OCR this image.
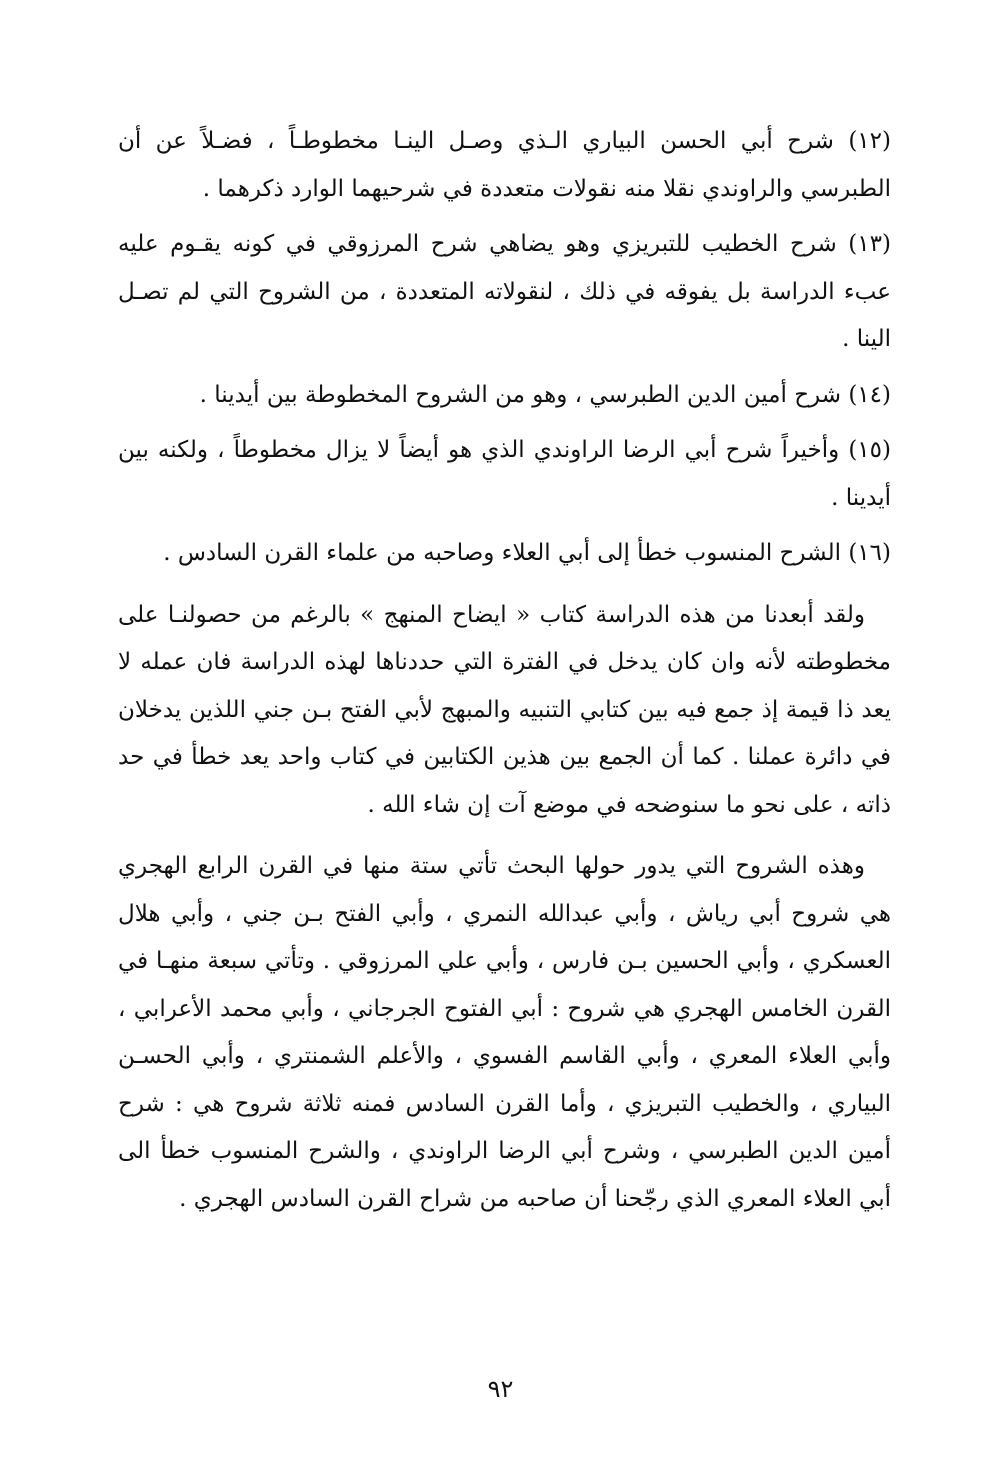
(١٢) شرح أبي الحسن البياري الـذي وصـل الينـا مخطوطـاً ، فضـلاً عن أن الطبرسي والراوندي نقلا منه نقولات متعددة في شرحيهما الوارد ذكرهما .

(١٣) شرح الخطيب للتبريزي وهو يضاهي شرح المرزوقي في كونه يقـوم عليه عبء الدراسة بل يفوقه في ذلك ، لنقولاته المتعددة ، من الشروح التي لم تصـل الينا .

(١٤) شرح أمين الدين الطبرسي ، وهو من الشروح المخطوطة بين أيدينا .

(١٥) وأخيراً شرح أبي الرضا الراوندي الذي هو أيضاً لا يزال مخطوطاً ، ولكنه بين أيدينا .

(١٦) الشرح المنسوب خطأ إلى أبي العلاء وصاحبه من علماء القرن السادس .

ولقد أبعدنا من هذه الدراسة كتاب « ايضاح المنهج » بالرغم من حصولنـا على مخطوطته لأنه وان كان يدخل في الفترة التي حددناها لهذه الدراسة فان عمله لا يعد ذا قيمة إذ جمع فيه بين كتابي التنبيه والمبهج لأبي الفتح بـن جني اللذين يدخلان في دائرة عملنا . كما أن الجمع بين هذين الكتابين في كتاب واحد يعد خطأ في حد ذاته ، على نحو ما سنوضحه في موضع آت إن شاء الله .

وهذه الشروح التي يدور حولها البحث تأتي ستة منها في القرن الرابع الهجري هي شروح أبي رياش ، وأبي عبدالله النمري ، وأبي الفتح بـن جني ، وأبي هلال العسكري ، وأبي الحسين بـن فارس ، وأبي علي المرزوقي . وتأتي سبعة منهـا في القرن الخامس الهجري هي شروح : أبي الفتوح الجرجاني ، وأبي محمد الأعرابي ، وأبي العلاء المعري ، وأبي القاسم الفسوي ، والأعلم الشمنتري ، وأبي الحسـن البياري ، والخطيب التبريزي ، وأما القرن السادس فمنه ثلاثة شروح هي : شرح أمين الدين الطبرسي ، وشرح أبي الرضا الراوندي ، والشرح المنسوب خطأ الى أبي العلاء المعري الذي رجّحنا أن صاحبه من شراح القرن السادس الهجري .

٩٢
